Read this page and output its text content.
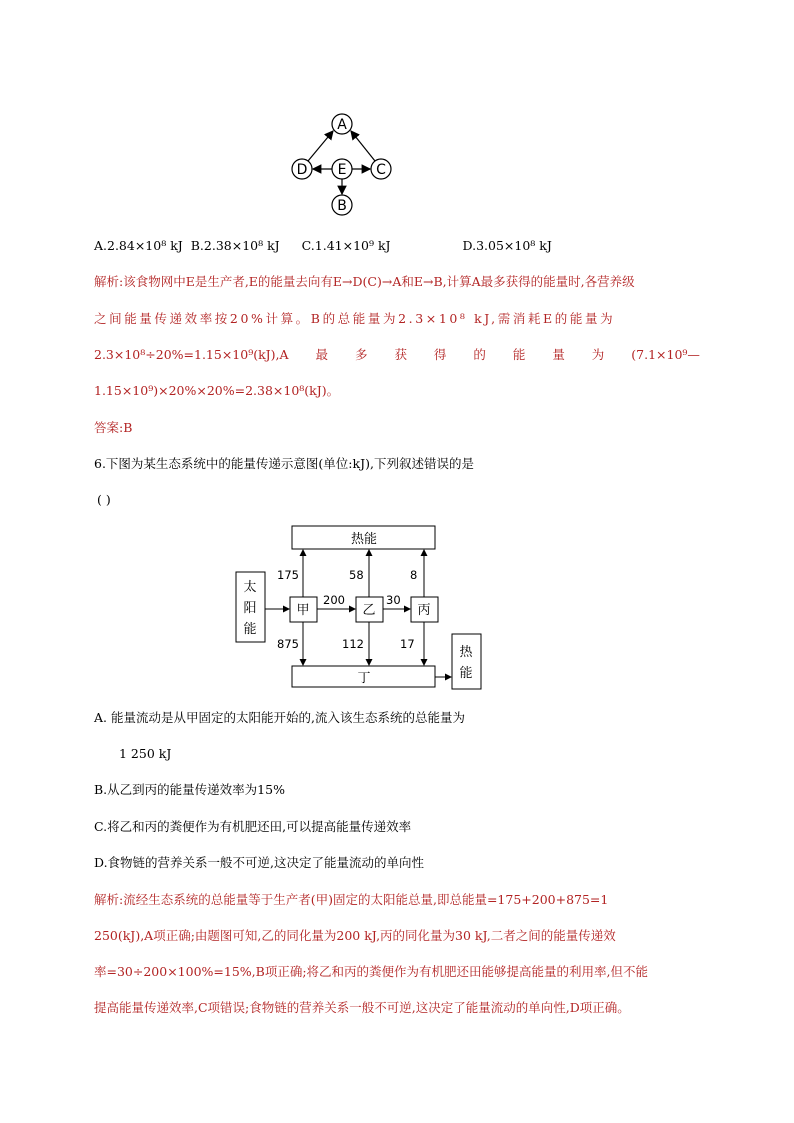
A
B
C
D E
A.2.84×10⁸ kJ B.2.38×10⁸ kJ C.1.41×10⁹ kJ	D.3.05×10⁸ kJ
解析:该食物网中E是生产者,E的能量去向有E→D(C)→A和E→B,计算A最多获得的能量时,各营养级
之间能量传递效率按20%计算。B的总能量为2.3×10⁸ kJ,需消耗E的能量为
2.3×10⁸÷20%=1.15×10⁹(kJ),A 最 多 获 得 的 能 量 为 (7.1×10⁹—
1.15×10⁹)×20%×20%=2.38×10⁸(kJ)。
答案:B
6.下图为某生态系统中的能量传递示意图(单位:kJ),下列叙述错误的是
( )
热能
太
阳
能
甲	乙	丙
丁
热
能
175	58	8
200	30
875	112	17
A. 能量流动是从甲固定的太阳能开始的,流入该生态系统的总能量为
1 250 kJ
B.从乙到丙的能量传递效率为15%
C.将乙和丙的粪便作为有机肥还田,可以提高能量传递效率
D.食物链的营养关系一般不可逆,这决定了能量流动的单向性
解析:流经生态系统的总能量等于生产者(甲)固定的太阳能总量,即总能量=175+200+875=1
250(kJ),A项正确;由题图可知,乙的同化量为200 kJ,丙的同化量为30 kJ,二者之间的能量传递效
率=30÷200×100%=15%,B项正确;将乙和丙的粪便作为有机肥还田能够提高能量的利用率,但不能
提高能量传递效率,C项错误;食物链的营养关系一般不可逆,这决定了能量流动的单向性,D项正确。
